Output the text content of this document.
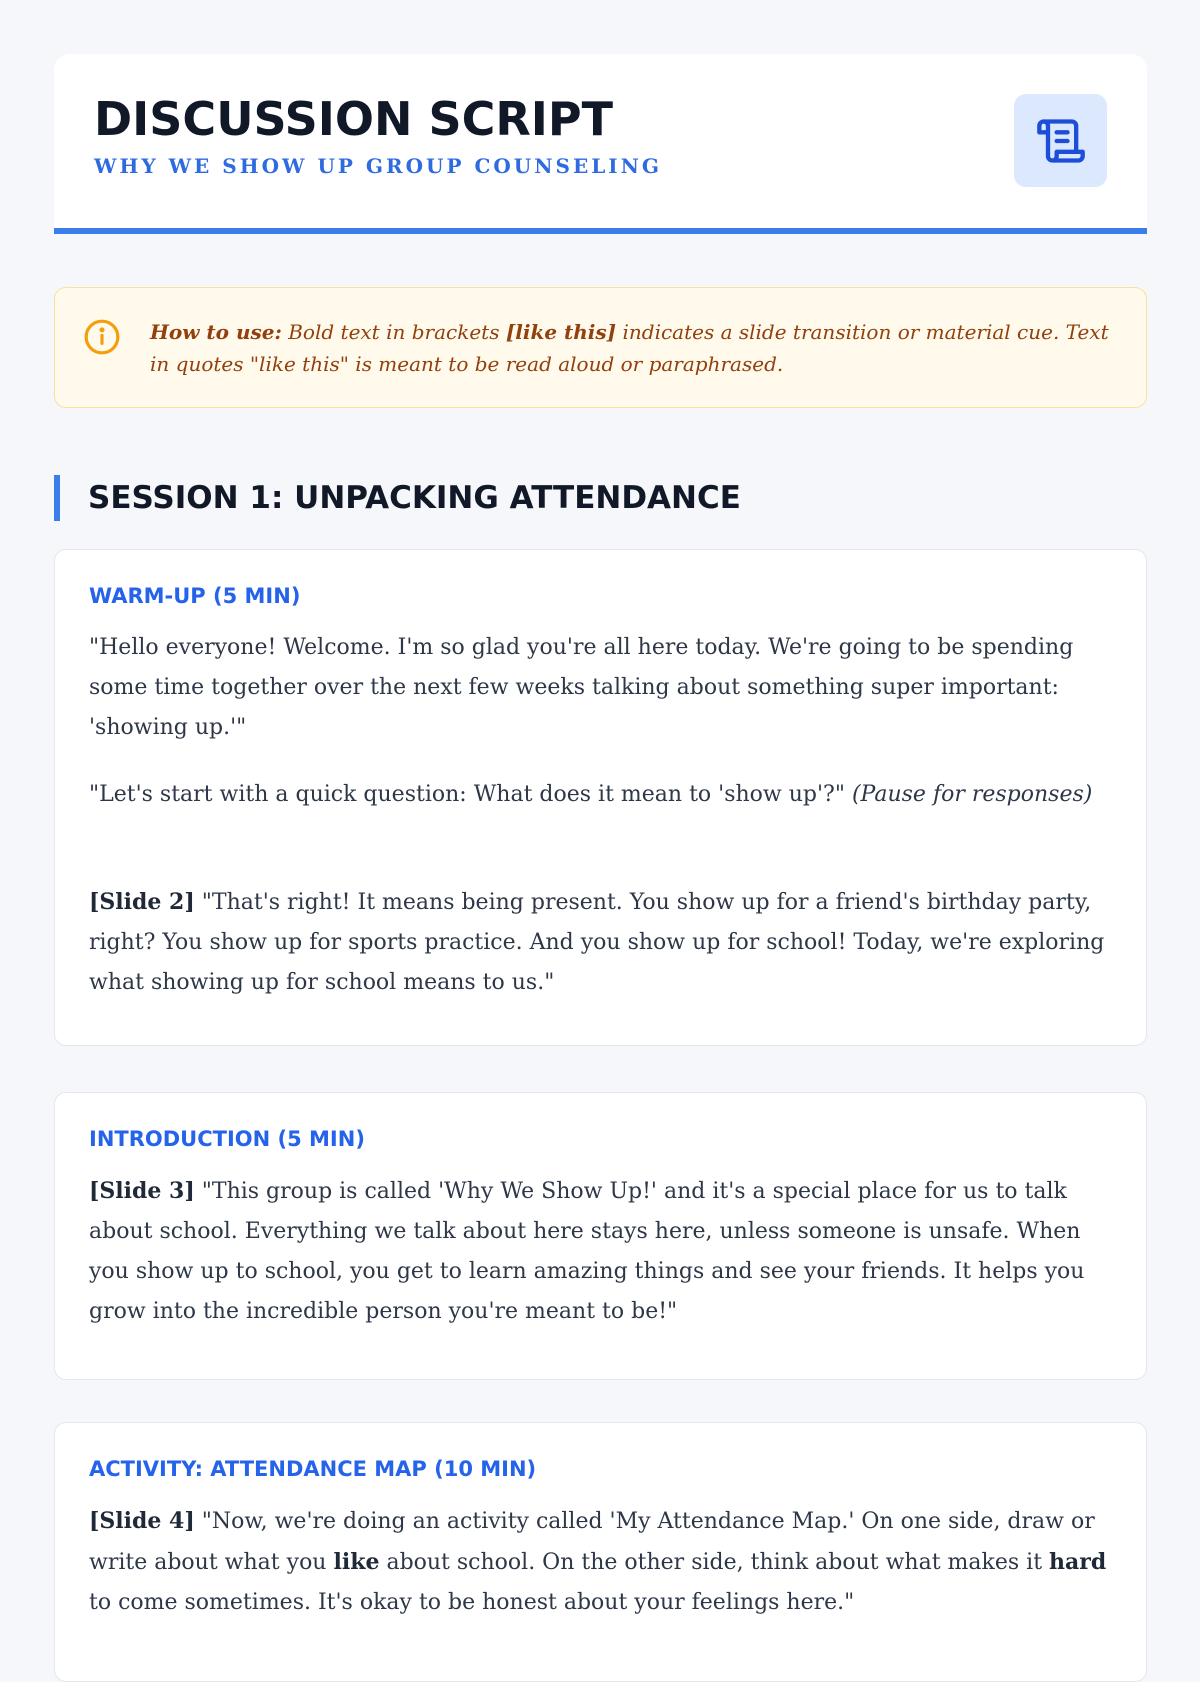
DISCUSSION SCRIPT
WHY WE SHOW UP GROUP COUNSELING
How to use: Bold text in brackets [like this] indicates a slide transition or material cue. Text in quotes "like this" is meant to be read aloud or paraphrased.
SESSION 1: UNPACKING ATTENDANCE
WARM-UP (5 MIN)
"Hello everyone! Welcome. I'm so glad you're all here today. We're going to be spending some time together over the next few weeks talking about something super important: 'showing up.'"
"Let's start with a quick question: What does it mean to 'show up'?" (Pause for responses)
[Slide 2] "That's right! It means being present. You show up for a friend's birthday party, right? You show up for sports practice. And you show up for school! Today, we're exploring what showing up for school means to us."
INTRODUCTION (5 MIN)
[Slide 3] "This group is called 'Why We Show Up!' and it's a special place for us to talk about school. Everything we talk about here stays here, unless someone is unsafe. When you show up to school, you get to learn amazing things and see your friends. It helps you grow into the incredible person you're meant to be!"
ACTIVITY: ATTENDANCE MAP (10 MIN)
[Slide 4] "Now, we're doing an activity called 'My Attendance Map.' On one side, draw or write about what you like about school. On the other side, think about what makes it hard to come sometimes. It's okay to be honest about your feelings here."
